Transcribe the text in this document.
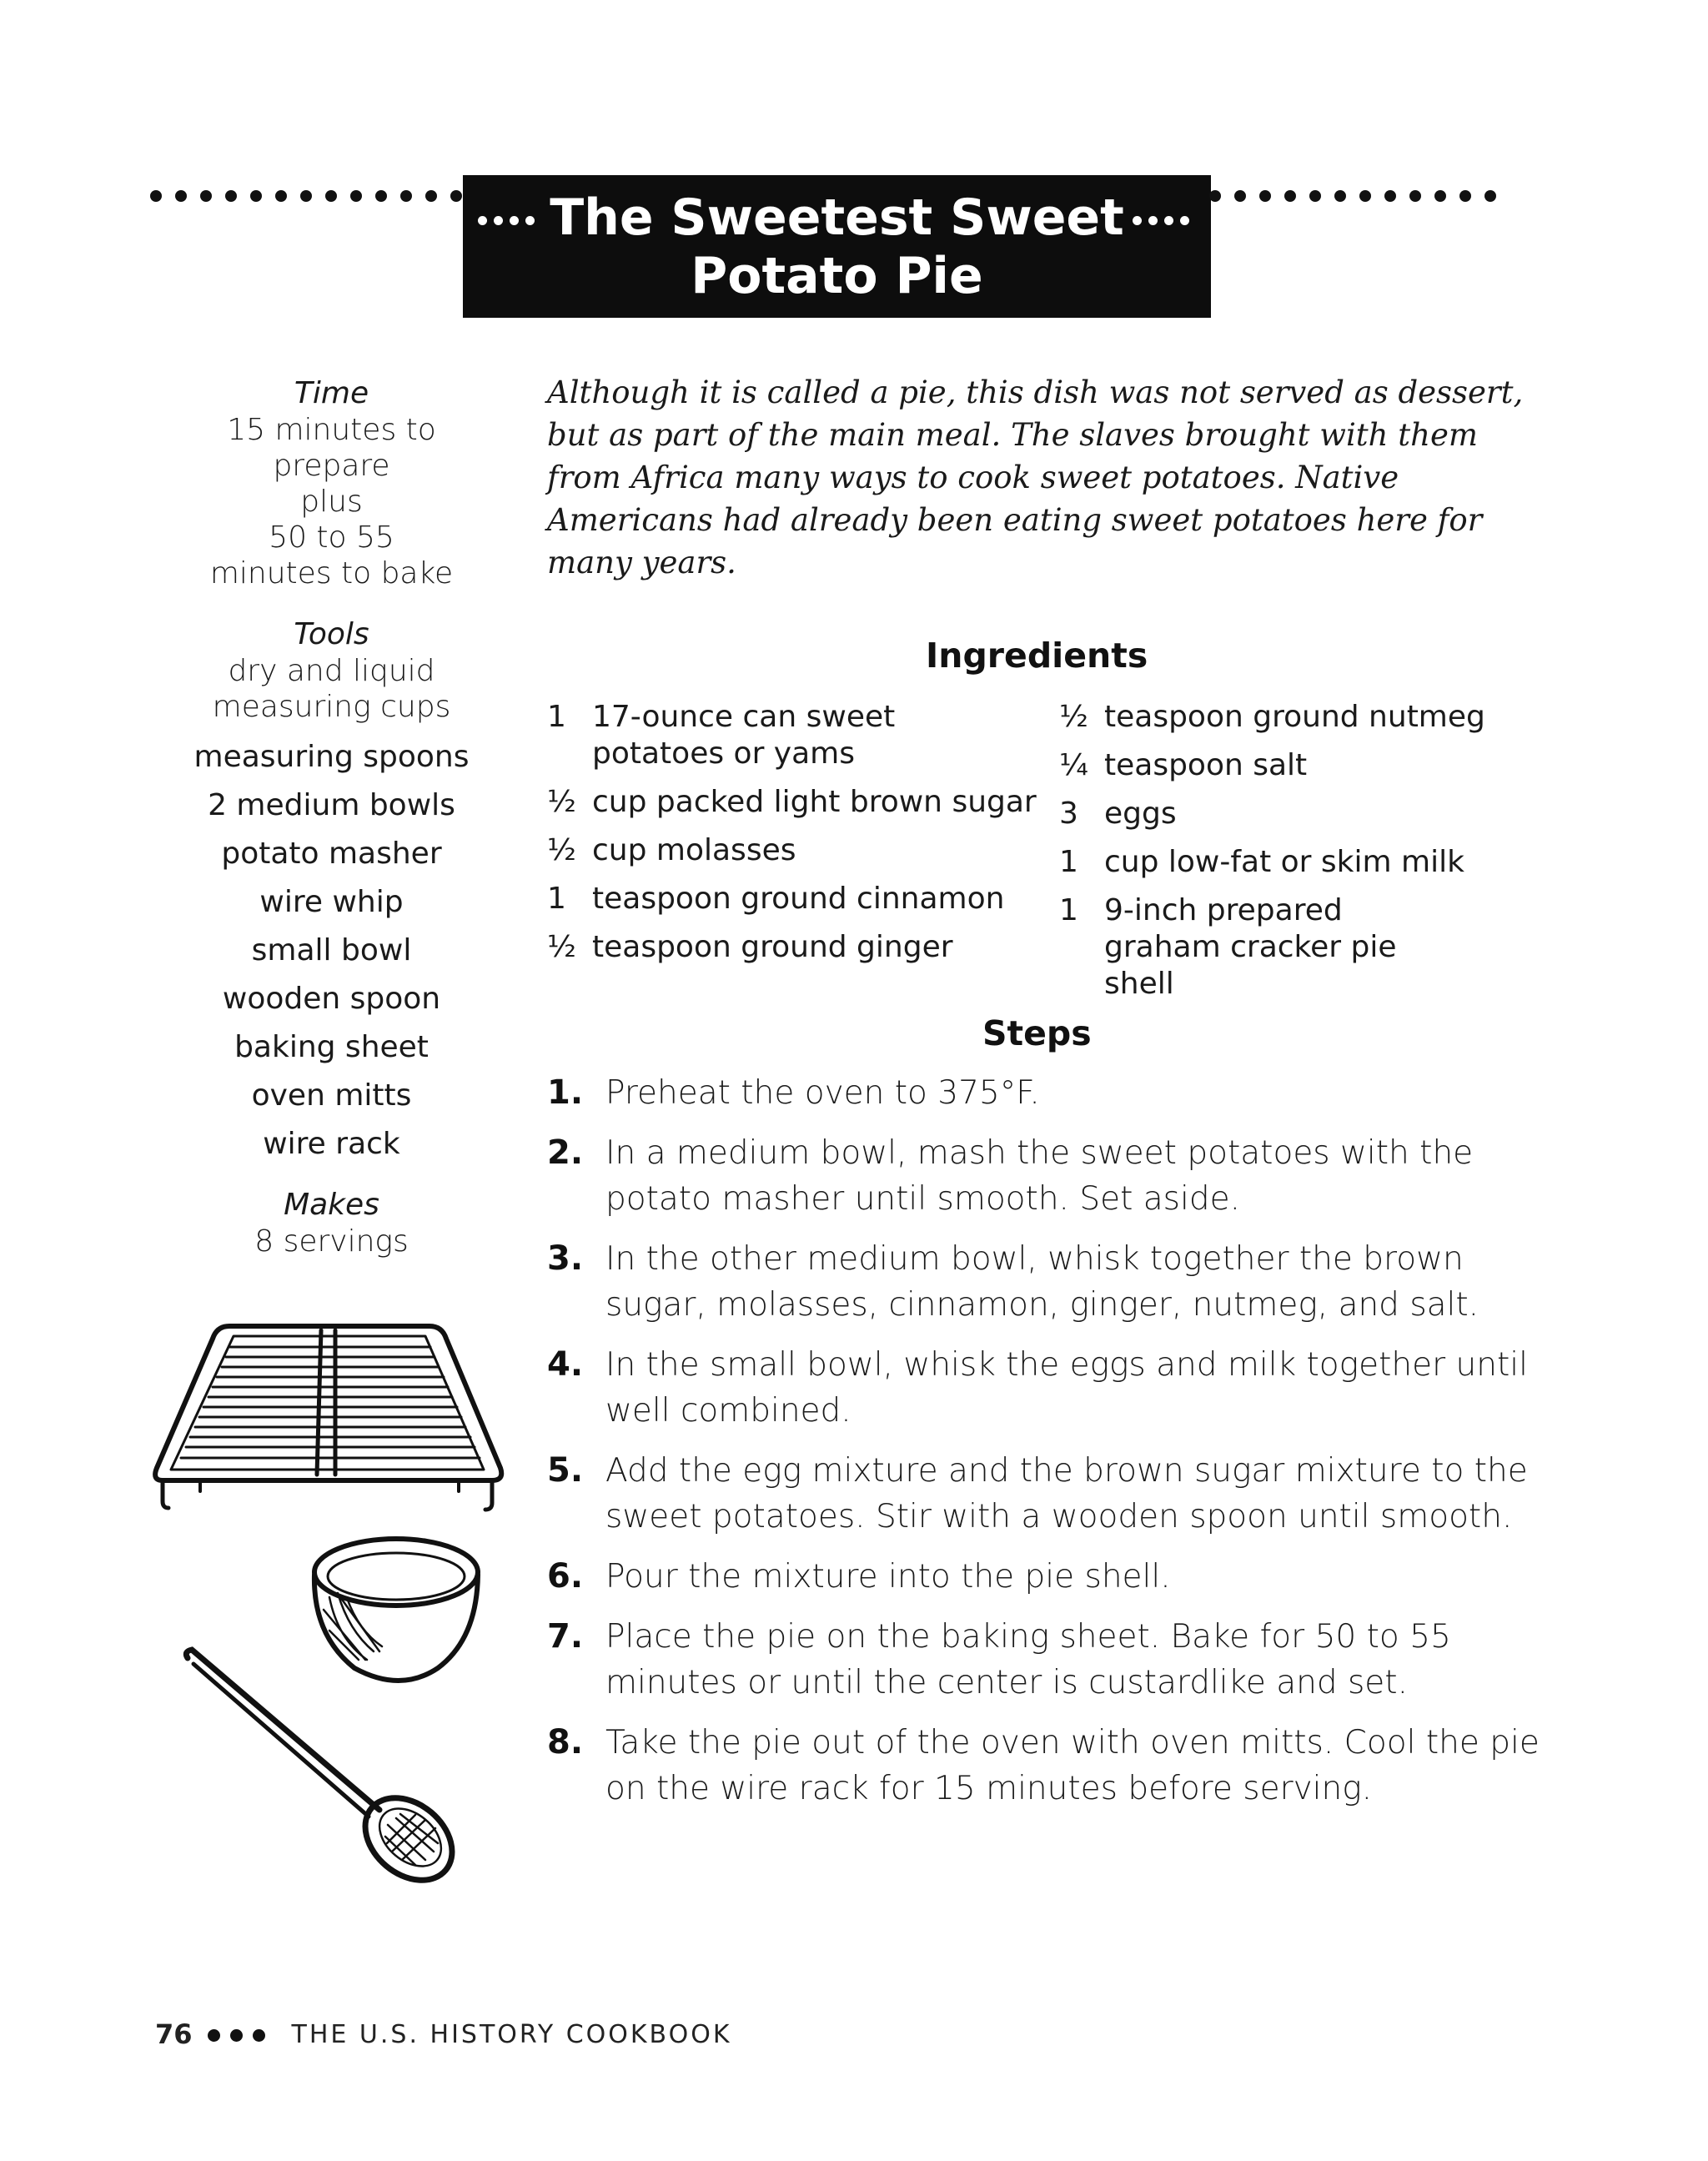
The Sweetest Sweet
Potato Pie
Time
15 minutes to prepare
plus
50 to 55
minutes to bake
Tools
dry and liquid
measuring cups
measuring spoons
2 medium bowls
potato masher
wire whip
small bowl
wooden spoon
baking sheet
oven mitts
wire rack
Makes
8 servings
Although it is called a pie, this dish was not served as dessert, but as part of the main meal. The slaves brought with them from Africa many ways to cook sweet potatoes. Native Americans had already been eating sweet potatoes here for many years.
Ingredients
1 17-ounce can sweet potatoes or yams
½ cup packed light brown sugar
½ cup molasses
1 teaspoon ground cinnamon
½ teaspoon ground ginger
½ teaspoon ground nutmeg
¼ teaspoon salt
3 eggs
1 cup low-fat or skim milk
1 9-inch prepared graham cracker pie shell
Steps
1. Preheat the oven to 375°F.
2. In a medium bowl, mash the sweet potatoes with the potato masher until smooth. Set aside.
3. In the other medium bowl, whisk together the brown sugar, molasses, cinnamon, ginger, nutmeg, and salt.
4. In the small bowl, whisk the eggs and milk together until well combined.
5. Add the egg mixture and the brown sugar mixture to the sweet potatoes. Stir with a wooden spoon until smooth.
6. Pour the mixture into the pie shell.
7. Place the pie on the baking sheet. Bake for 50 to 55 minutes or until the center is custardlike and set.
8. Take the pie out of the oven with oven mitts. Cool the pie on the wire rack for 15 minutes before serving.
76	THE U.S. HISTORY COOKBOOK
